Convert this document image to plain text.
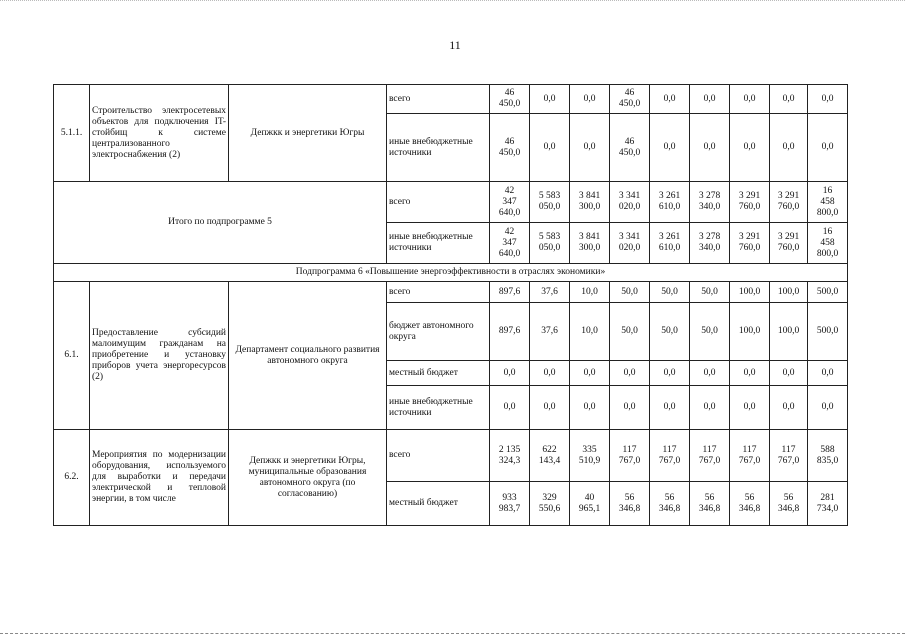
11
5.1.1.	Строительство электросетевых объектов для подключения IT-стойбищ к системе централизованного электроснабжения (2)	Депжкк и энергетики Югры	всего	46
450,0	0,0	0,0	46
450,0	0,0	0,0	0,0	0,0	0,0
			иные внебюджетные источники	46
450,0	0,0	0,0	46
450,0	0,0	0,0	0,0	0,0	0,0
Итого по подпрограмме 5			всего	42
347
640,0	5 583
050,0	3 841
300,0	3 341
020,0	3 261
610,0	3 278
340,0	3 291
760,0	3 291
760,0	16
458
800,0
			иные внебюджетные источники	42
347
640,0	5 583
050,0	3 841
300,0	3 341
020,0	3 261
610,0	3 278
340,0	3 291
760,0	3 291
760,0	16
458
800,0
Подпрограмма 6 «Повышение энергоэффективности в отраслях экономики»												
6.1.	Предоставление субсидий малоимущим гражданам на приобретение и установку приборов учета энергоресурсов (2)	Департамент социального развития автономного округа	всего	897,6	37,6	10,0	50,0	50,0	50,0	100,0	100,0	500,0
			бюджет автономного округа	897,6	37,6	10,0	50,0	50,0	50,0	100,0	100,0	500,0
			местный бюджет	0,0	0,0	0,0	0,0	0,0	0,0	0,0	0,0	0,0
			иные внебюджетные источники	0,0	0,0	0,0	0,0	0,0	0,0	0,0	0,0	0,0
6.2.	Мероприятия по модернизации оборудования, используемого для выработки и передачи электрической и тепловой энергии, в том числе	Депжкк и энергетики Югры, муниципальные образования автономного округа (по согласованию)	всего	2 135
324,3	622
143,4	335
510,9	117
767,0	117
767,0	117
767,0	117
767,0	117
767,0	588
835,0
			местный бюджет	933
983,7	329
550,6	40
965,1	56
346,8	56
346,8	56
346,8	56
346,8	56
346,8	281
734,0
